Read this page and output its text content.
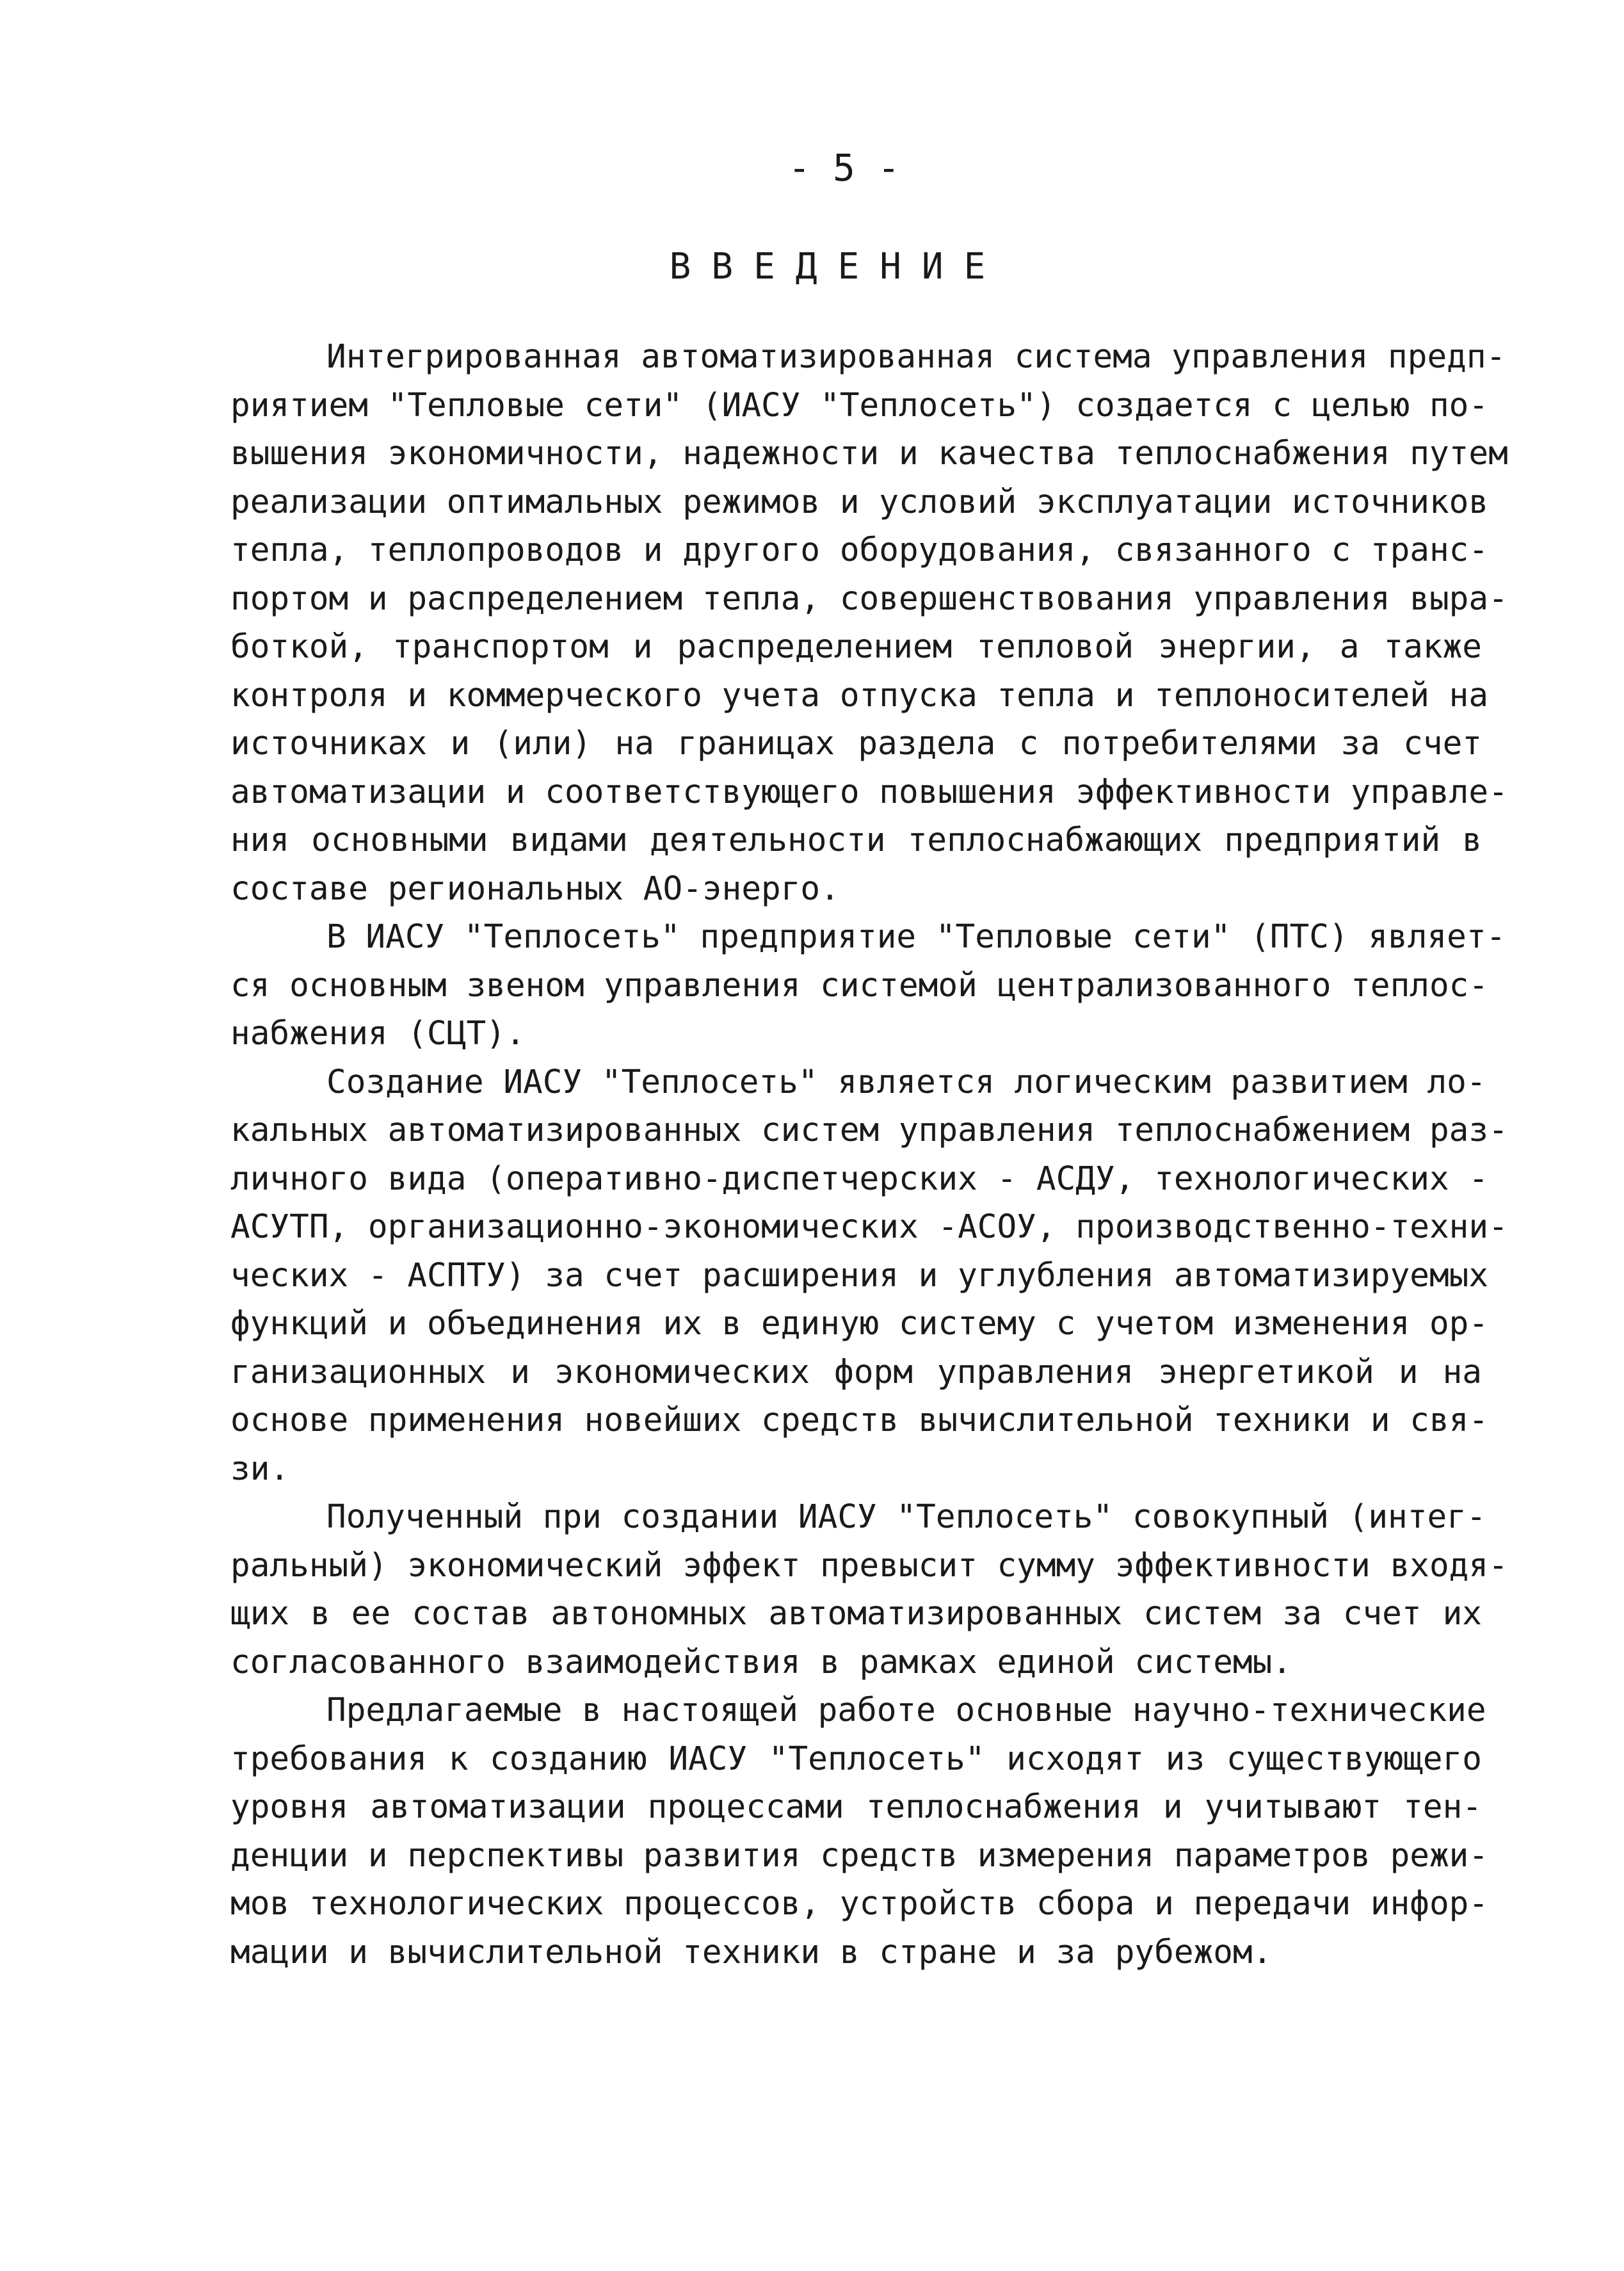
- 5 -
ВВЕДЕНИЕ
Интегрированная автоматизированная система управления предп-
риятием "Тепловые сети" (ИАСУ "Теплосеть") создается с целью по-
вышения экономичности, надежности и качества теплоснабжения путем
реализации оптимальных режимов и условий эксплуатации источников
тепла, теплопроводов и другого оборудования, связанного с транс-
портом и распределением тепла, совершенствования управления выра-
боткой, транспортом и распределением тепловой энергии, а также
контроля и коммерческого учета отпуска тепла и теплоносителей на
источниках и (или) на границах раздела с потребителями за счет
автоматизации и соответствующего повышения эффективности управле-
ния основными видами деятельности теплоснабжающих предприятий в
составе региональных АО-энерго.
В ИАСУ "Теплосеть" предприятие "Тепловые сети" (ПТС) являет-
ся основным звеном управления системой централизованного теплос-
набжения (СЦТ).
Создание ИАСУ "Теплосеть" является логическим развитием ло-
кальных автоматизированных систем управления теплоснабжением раз-
личного вида (оперативно-диспетчерских - АСДУ, технологических -
АСУТП, организационно-экономических -АСОУ, производственно-техни-
ческих - АСПТУ) за счет расширения и углубления автоматизируемых
функций и объединения их в единую систему с учетом изменения ор-
ганизационных и экономических форм управления энергетикой и на
основе применения новейших средств вычислительной техники и свя-
зи.
Полученный при создании ИАСУ "Теплосеть" совокупный (интег-
ральный) экономический эффект превысит сумму эффективности входя-
щих в ее состав автономных автоматизированных систем за счет их
согласованного взаимодействия в рамках единой системы.
Предлагаемые в настоящей работе основные научно-технические
требования к созданию ИАСУ "Теплосеть" исходят из существующего
уровня автоматизации процессами теплоснабжения и учитывают тен-
денции и перспективы развития средств измерения параметров режи-
мов технологических процессов, устройств сбора и передачи инфор-
мации и вычислительной техники в стране и за рубежом.
